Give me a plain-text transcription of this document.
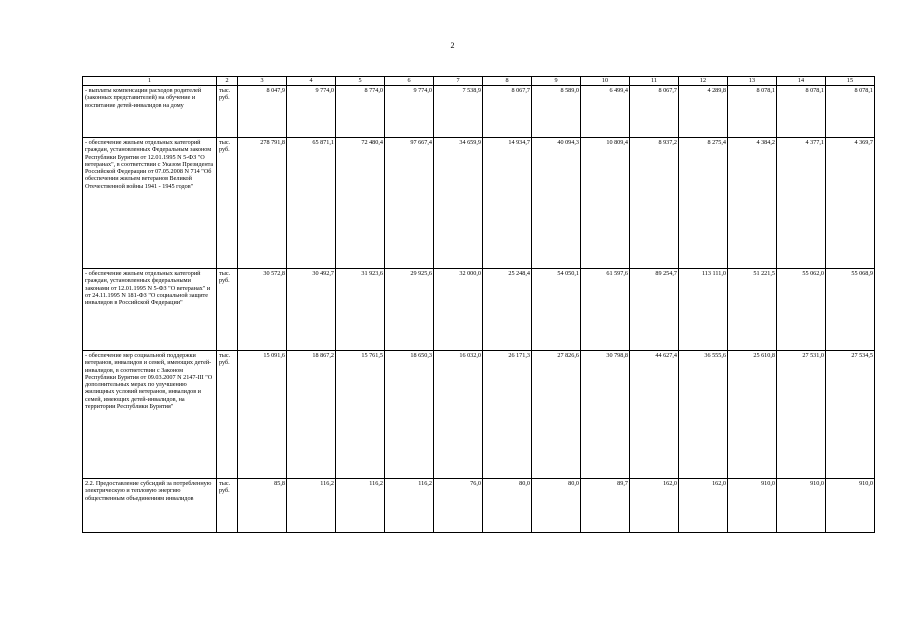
2
1	2	3	4	5	6	7	8	9	10	11	12	13	14	15
- выплаты компенсации расходов родителей (законных представителей) на обучение и воспитание детей-инвалидов на дому	тыс. руб.	8 047,9	9 774,0	8 774,0	9 774,0	7 538,9	8 067,7	8 589,0	6 499,4	8 067,7	4 289,8	8 078,1	8 078,1	8 078,1
- обеспечение жильем отдельных категорий граждан, установленных Федеральным законом Республики Бурятия от 12.01.1995 N 5-ФЗ "О ветеранах", в соответствии с Указом Президента Российской Федерации от 07.05.2008 N 714 "Об обеспечении жильем ветеранов Великой Отечественной войны 1941 - 1945 годов"	тыс. руб.	278 791,8	65 871,1	72 480,4	97 667,4	34 659,9	14 934,7	40 094,3	10 809,4	8 937,2	8 275,4	4 384,2	4 377,1	4 369,7
- обеспечение жильем отдельных категорий граждан, установленных федеральными законами от 12.01.1995 N 5-ФЗ "О ветеранах" и от 24.11.1995 N 181-ФЗ "О социальной защите инвалидов в Российской Федерации"	тыс. руб.	30 572,8	30 492,7	31 923,6	29 925,6	32 000,0	25 248,4	54 050,1	61 597,6	89 254,7	113 111,0	51 221,5	55 062,0	55 068,9
- обеспечение мер социальной поддержки ветеранов, инвалидов и семей, имеющих детей-инвалидов, в соответствии с Законом Республики Бурятия от 09.03.2007 N 2147-III "О дополнительных мерах по улучшению жилищных условий ветеранов, инвалидов и семей, имеющих детей-инвалидов, на территории Республики Бурятия"	тыс. руб.	15 091,6	18 867,2	15 761,5	18 650,3	16 032,0	26 171,3	27 826,6	30 798,8	44 627,4	36 555,6	25 610,8	27 531,0	27 534,5
2.2. Предоставление субсидий за потребленную электрическую и тепловую энергию общественным объединениям инвалидов	тыс. руб.	85,8	116,2	116,2	116,2	76,0	80,0	80,0	89,7	162,0	162,0	910,0	910,0	910,0
